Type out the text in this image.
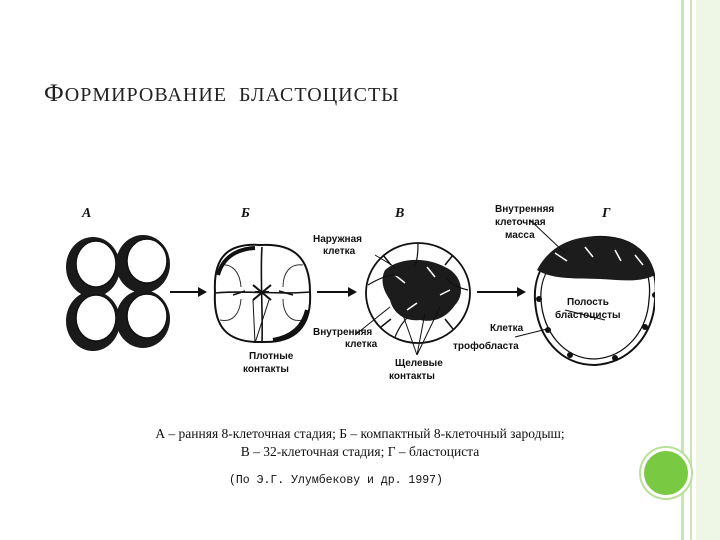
ФОРМИРОВАНИЕ  БЛАСТОЦИСТЫ
А	Б	В	Г
Наружная
клетка
Внутренняя
клетка
Плотные
контакты
Щелевые
контакты
Внутренняя
клеточная
масса
Полость
бластоцисты
Клетка
трофобласта
А – ранняя 8-клеточная стадия; Б – компактный 8-клеточный зародыш;
В – 32-клеточная стадия; Г – бластоциста
(По Э.Г. Улумбекову и др. 1997)
